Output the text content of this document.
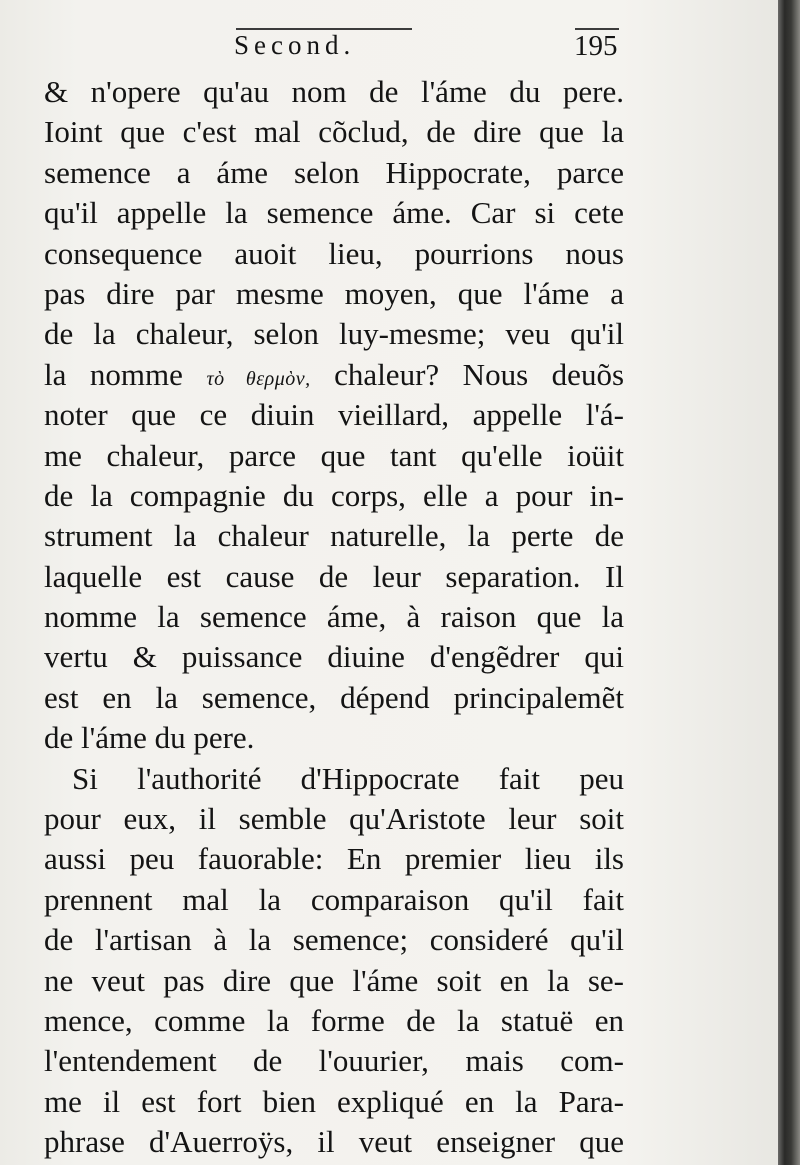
Second.	195
& n'opere qu'au nom de l'áme du pere.
Ioint que c'est mal cõclud, de dire que la
semence a áme selon Hippocrate, parce
qu'il appelle la semence áme. Car si cete
consequence auoit lieu, pourrions nous
pas dire par mesme moyen, que l'áme a
de la chaleur, selon luy-mesme; veu qu'il
la nomme τὸ θερμὸν, chaleur? Nous deuõs
noter que ce diuin vieillard, appelle l'á-
me chaleur, parce que tant qu'elle ioüit
de la compagnie du corps, elle a pour in-
strument la chaleur naturelle, la perte de
laquelle est cause de leur separation. Il
nomme la semence áme, à raison que la
vertu & puissance diuine d'engẽdrer qui
est en la semence, dépend principalemẽt
de l'áme du pere.
Si l'authorité d'Hippocrate fait peu
pour eux, il semble qu'Aristote leur soit
aussi peu fauorable: En premier lieu ils
prennent mal la comparaison qu'il fait
de l'artisan à la semence; consideré qu'il
ne veut pas dire que l'áme soit en la se-
mence, comme la forme de la statuë en
l'entendement de l'ouurier, mais com-
me il est fort bien expliqué en la Para-
phrase d'Auerroÿs, il veut enseigner que
